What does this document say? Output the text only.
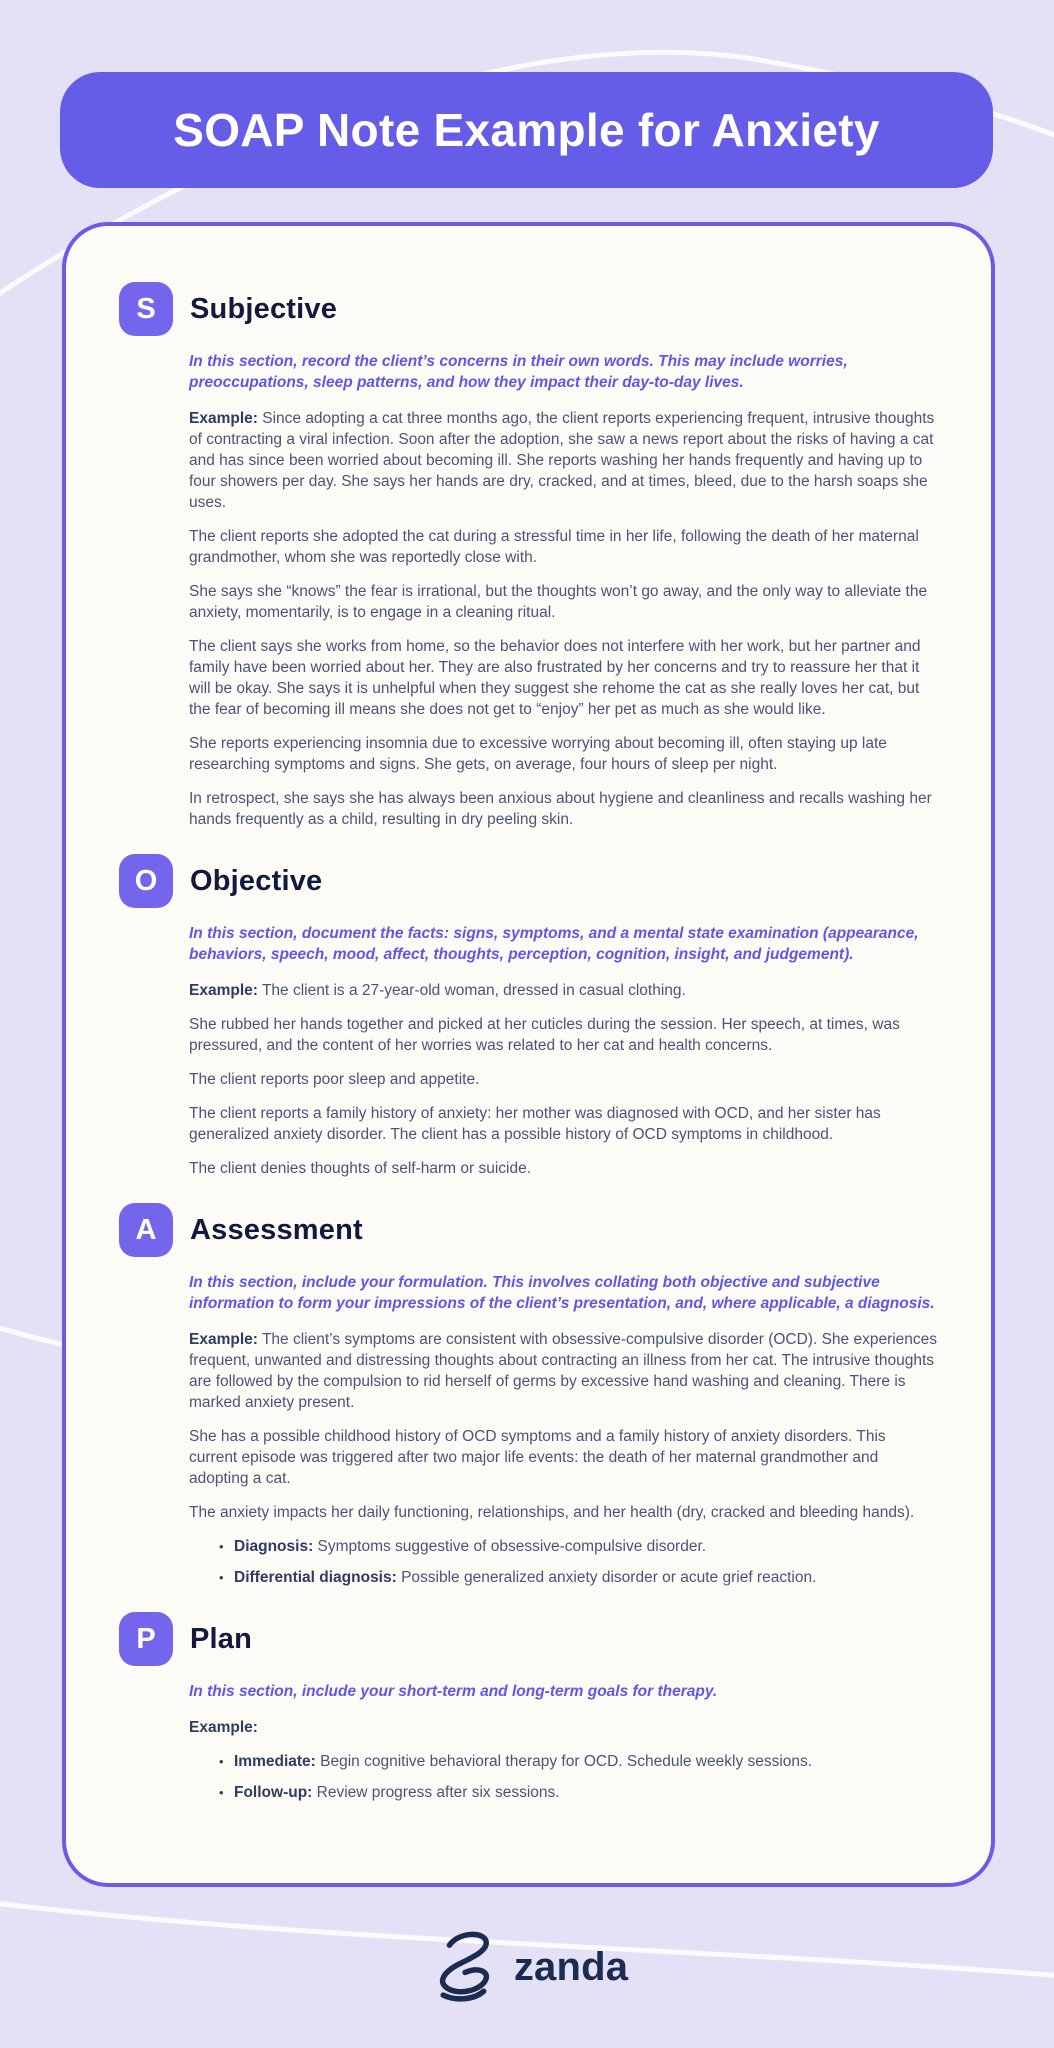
SOAP Note Example for Anxiety
S	Subjective

In this section, record the client’s concerns in their own words. This may include worries, preoccupations, sleep patterns, and how they impact their day-to-day lives.

Example: Since adopting a cat three months ago, the client reports experiencing frequent, intrusive thoughts of contracting a viral infection. Soon after the adoption, she saw a news report about the risks of having a cat and has since been worried about becoming ill. She reports washing her hands frequently and having up to four showers per day. She says her hands are dry, cracked, and at times, bleed, due to the harsh soaps she uses.

The client reports she adopted the cat during a stressful time in her life, following the death of her maternal grandmother, whom she was reportedly close with.

She says she “knows” the fear is irrational, but the thoughts won’t go away, and the only way to alleviate the anxiety, momentarily, is to engage in a cleaning ritual.

The client says she works from home, so the behavior does not interfere with her work, but her partner and family have been worried about her. They are also frustrated by her concerns and try to reassure her that it will be okay. She says it is unhelpful when they suggest she rehome the cat as she really loves her cat, but the fear of becoming ill means she does not get to “enjoy” her pet as much as she would like.

She reports experiencing insomnia due to excessive worrying about becoming ill, often staying up late researching symptoms and signs. She gets, on average, four hours of sleep per night.

In retrospect, she says she has always been anxious about hygiene and cleanliness and recalls washing her hands frequently as a child, resulting in dry peeling skin.

O	Objective

In this section, document the facts: signs, symptoms, and a mental state examination (appearance, behaviors, speech, mood, affect, thoughts, perception, cognition, insight, and judgement).

Example: The client is a 27-year-old woman, dressed in casual clothing.

She rubbed her hands together and picked at her cuticles during the session. Her speech, at times, was pressured, and the content of her worries was related to her cat and health concerns.

The client reports poor sleep and appetite.

The client reports a family history of anxiety: her mother was diagnosed with OCD, and her sister has generalized anxiety disorder. The client has a possible history of OCD symptoms in childhood.

The client denies thoughts of self-harm or suicide.

A	Assessment

In this section, include your formulation. This involves collating both objective and subjective information to form your impressions of the client’s presentation, and, where applicable, a diagnosis.

Example: The client’s symptoms are consistent with obsessive-compulsive disorder (OCD). She experiences frequent, unwanted and distressing thoughts about contracting an illness from her cat. The intrusive thoughts are followed by the compulsion to rid herself of germs by excessive hand washing and cleaning. There is marked anxiety present.

She has a possible childhood history of OCD symptoms and a family history of anxiety disorders. This current episode was triggered after two major life events: the death of her maternal grandmother and adopting a cat.

The anxiety impacts her daily functioning, relationships, and her health (dry, cracked and bleeding hands).

• Diagnosis: Symptoms suggestive of obsessive-compulsive disorder.
• Differential diagnosis: Possible generalized anxiety disorder or acute grief reaction.
P	Plan

In this section, include your short-term and long-term goals for therapy.

Example:

• Immediate: Begin cognitive behavioral therapy for OCD. Schedule weekly sessions.
• Follow-up: Review progress after six sessions.
zanda
